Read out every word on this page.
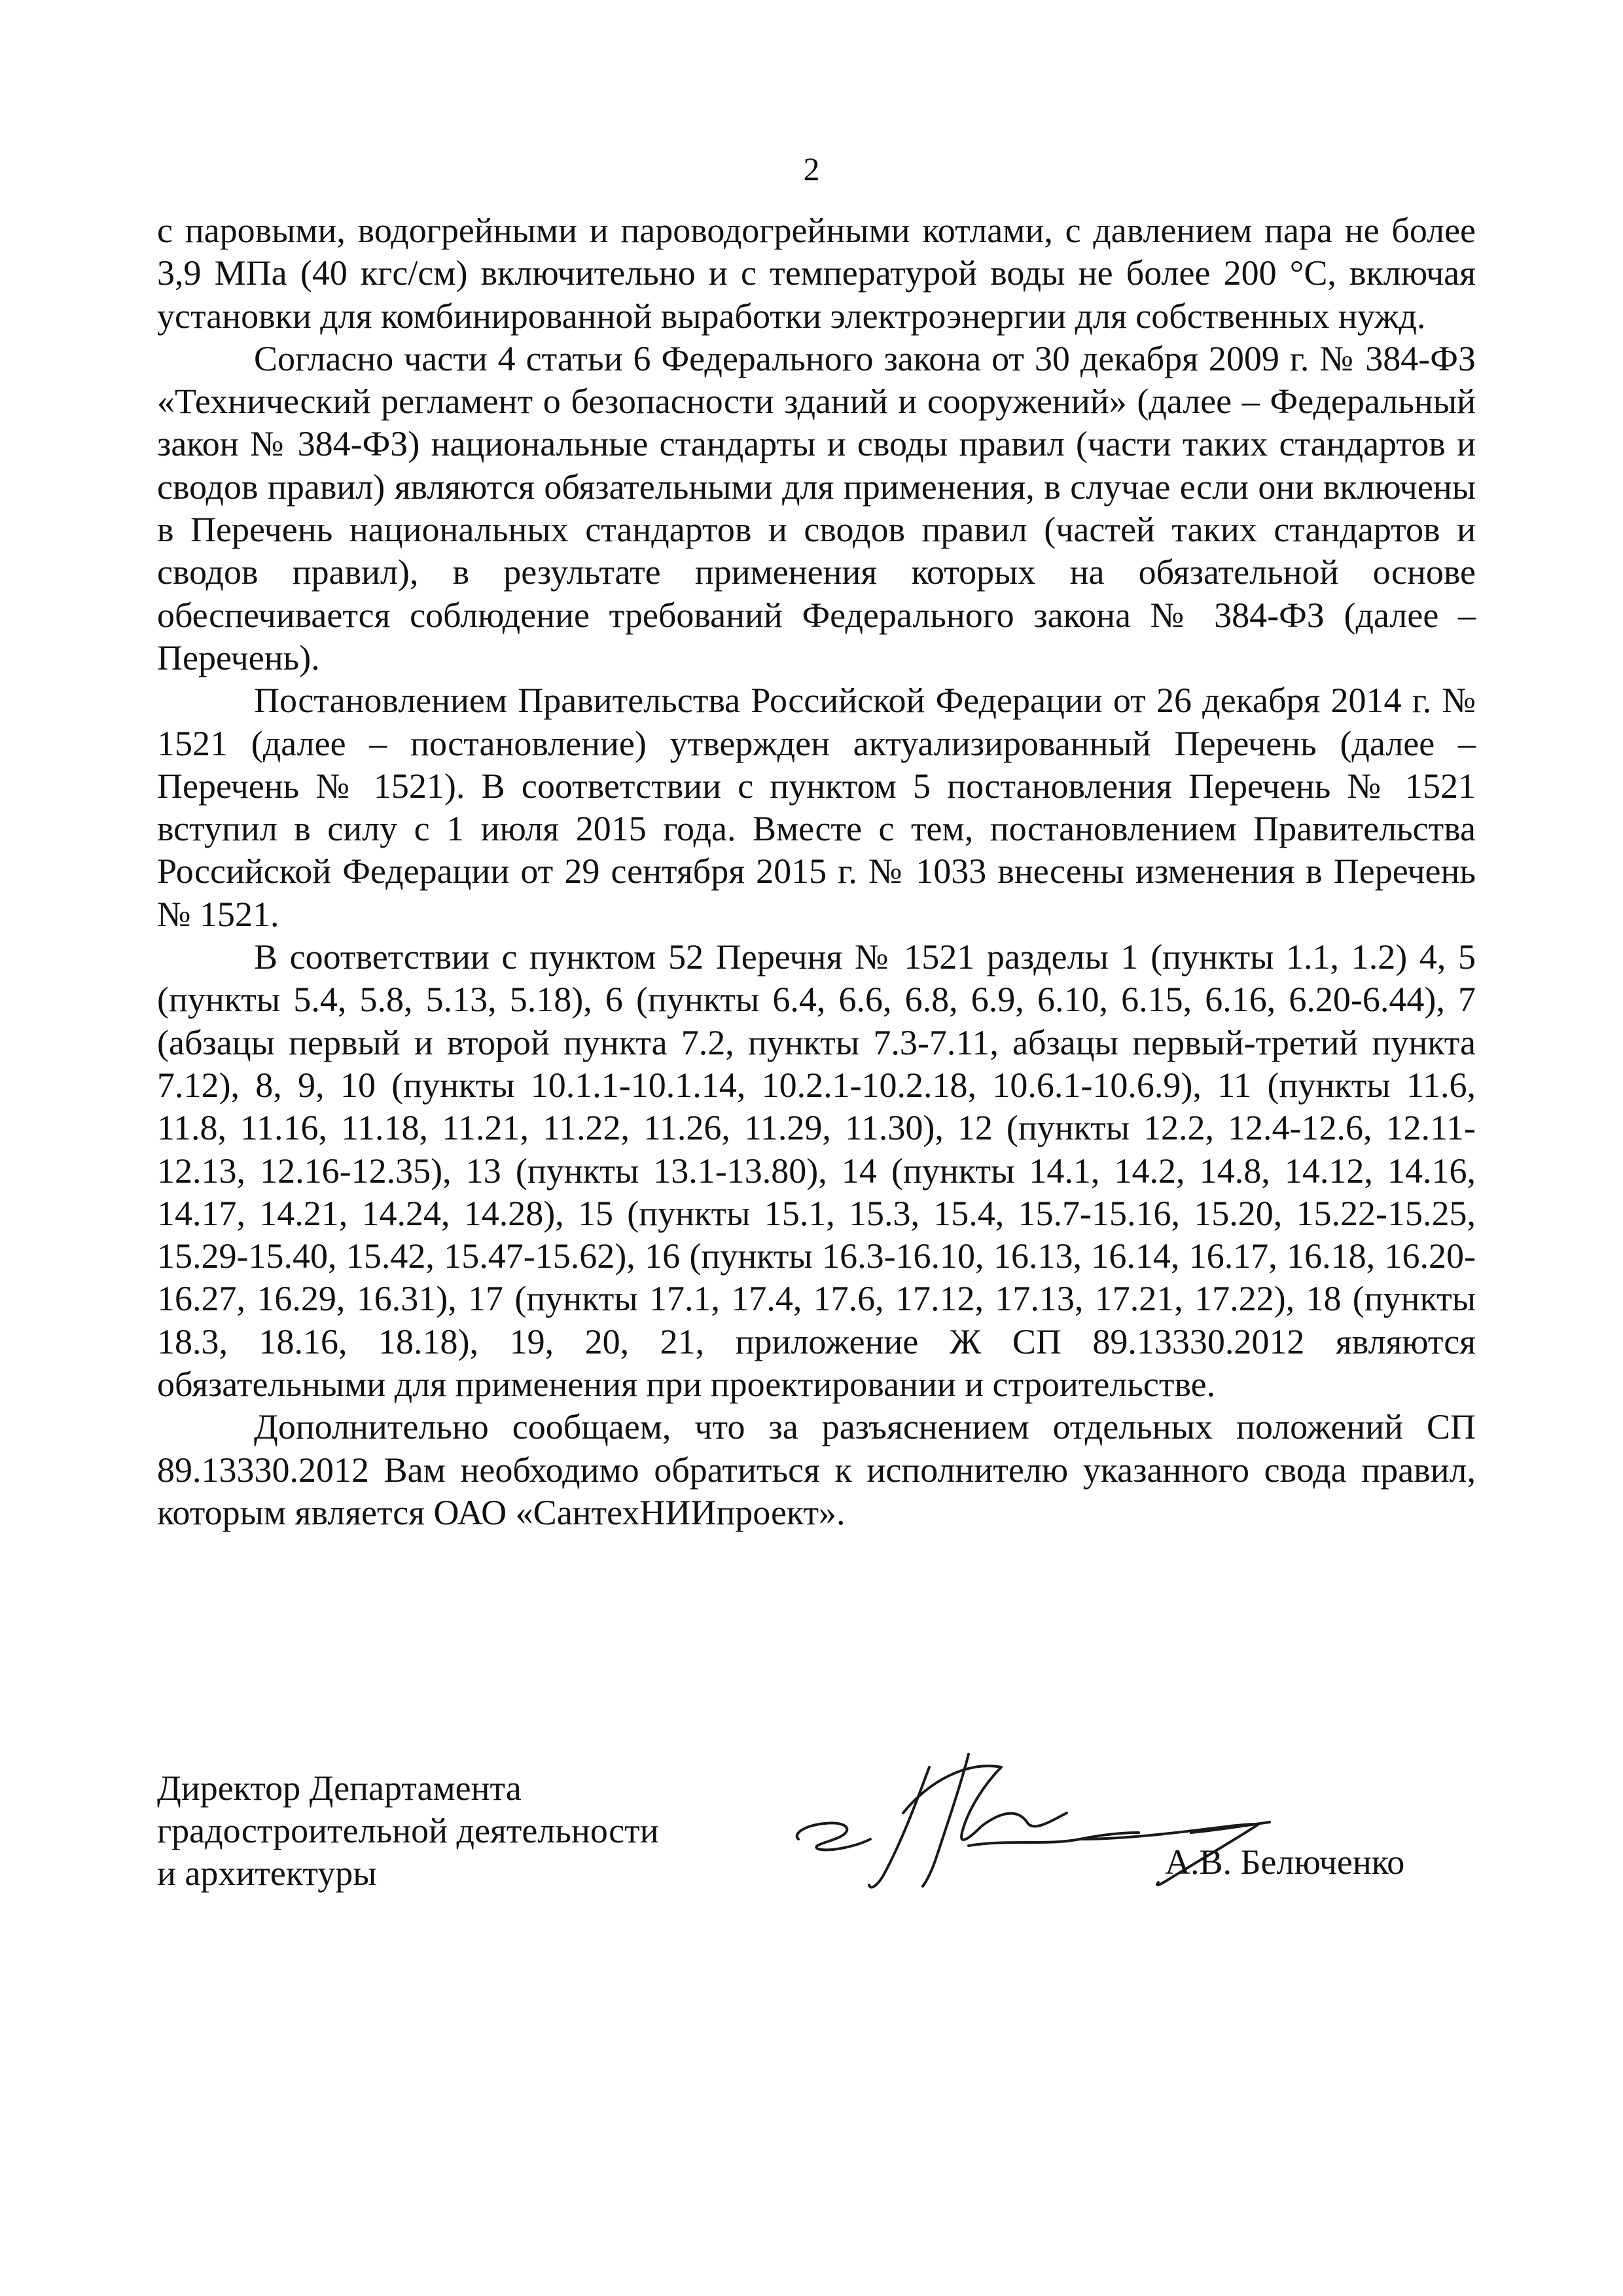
2

с паровыми, водогрейными и пароводогрейными котлами, с давлением пара не более 3,9 МПа (40 кгс/см) включительно и с температурой воды не более 200 °С, включая установки для комбинированной выработки электроэнергии для собственных нужд.

Согласно части 4 статьи 6 Федерального закона от 30 декабря 2009 г. № 384-ФЗ «Технический регламент о безопасности зданий и сооружений» (далее – Федеральный закон № 384-ФЗ) национальные стандарты и своды правил (части таких стандартов и сводов правил) являются обязательными для применения, в случае если они включены в Перечень национальных стандартов и сводов правил (частей таких стандартов и сводов правил), в результате применения которых на обязательной основе обеспечивается соблюдение требований Федерального закона № 384-ФЗ (далее – Перечень).

Постановлением Правительства Российской Федерации от 26 декабря 2014 г. № 1521 (далее – постановление) утвержден актуализированный Перечень (далее – Перечень № 1521). В соответствии с пунктом 5 постановления Перечень № 1521 вступил в силу с 1 июля 2015 года. Вместе с тем, постановлением Правительства Российской Федерации от 29 сентября 2015 г. № 1033 внесены изменения в Перечень № 1521.

В соответствии с пунктом 52 Перечня № 1521 разделы 1 (пункты 1.1, 1.2) 4, 5 (пункты 5.4, 5.8, 5.13, 5.18), 6 (пункты 6.4, 6.6, 6.8, 6.9, 6.10, 6.15, 6.16, 6.20-6.44), 7 (абзацы первый и второй пункта 7.2, пункты 7.3-7.11, абзацы первый-третий пункта 7.12), 8, 9, 10 (пункты 10.1.1-10.1.14, 10.2.1-10.2.18, 10.6.1-10.6.9), 11 (пункты 11.6, 11.8, 11.16, 11.18, 11.21, 11.22, 11.26, 11.29, 11.30), 12 (пункты 12.2, 12.4-12.6, 12.11-12.13, 12.16-12.35), 13 (пункты 13.1-13.80), 14 (пункты 14.1, 14.2, 14.8, 14.12, 14.16, 14.17, 14.21, 14.24, 14.28), 15 (пункты 15.1, 15.3, 15.4, 15.7-15.16, 15.20, 15.22-15.25, 15.29-15.40, 15.42, 15.47-15.62), 16 (пункты 16.3-16.10, 16.13, 16.14, 16.17, 16.18, 16.20-16.27, 16.29, 16.31), 17 (пункты 17.1, 17.4, 17.6, 17.12, 17.13, 17.21, 17.22), 18 (пункты 18.3, 18.16, 18.18), 19, 20, 21, приложение Ж СП 89.13330.2012 являются обязательными для применения при проектировании и строительстве.

Дополнительно сообщаем, что за разъяснением отдельных положений СП 89.13330.2012 Вам необходимо обратиться к исполнителю указанного свода правил, которым является ОАО «СантехНИИпроект».

Директор Департамента
градостроительной деятельности
и архитектуры	А.В. Белюченко
